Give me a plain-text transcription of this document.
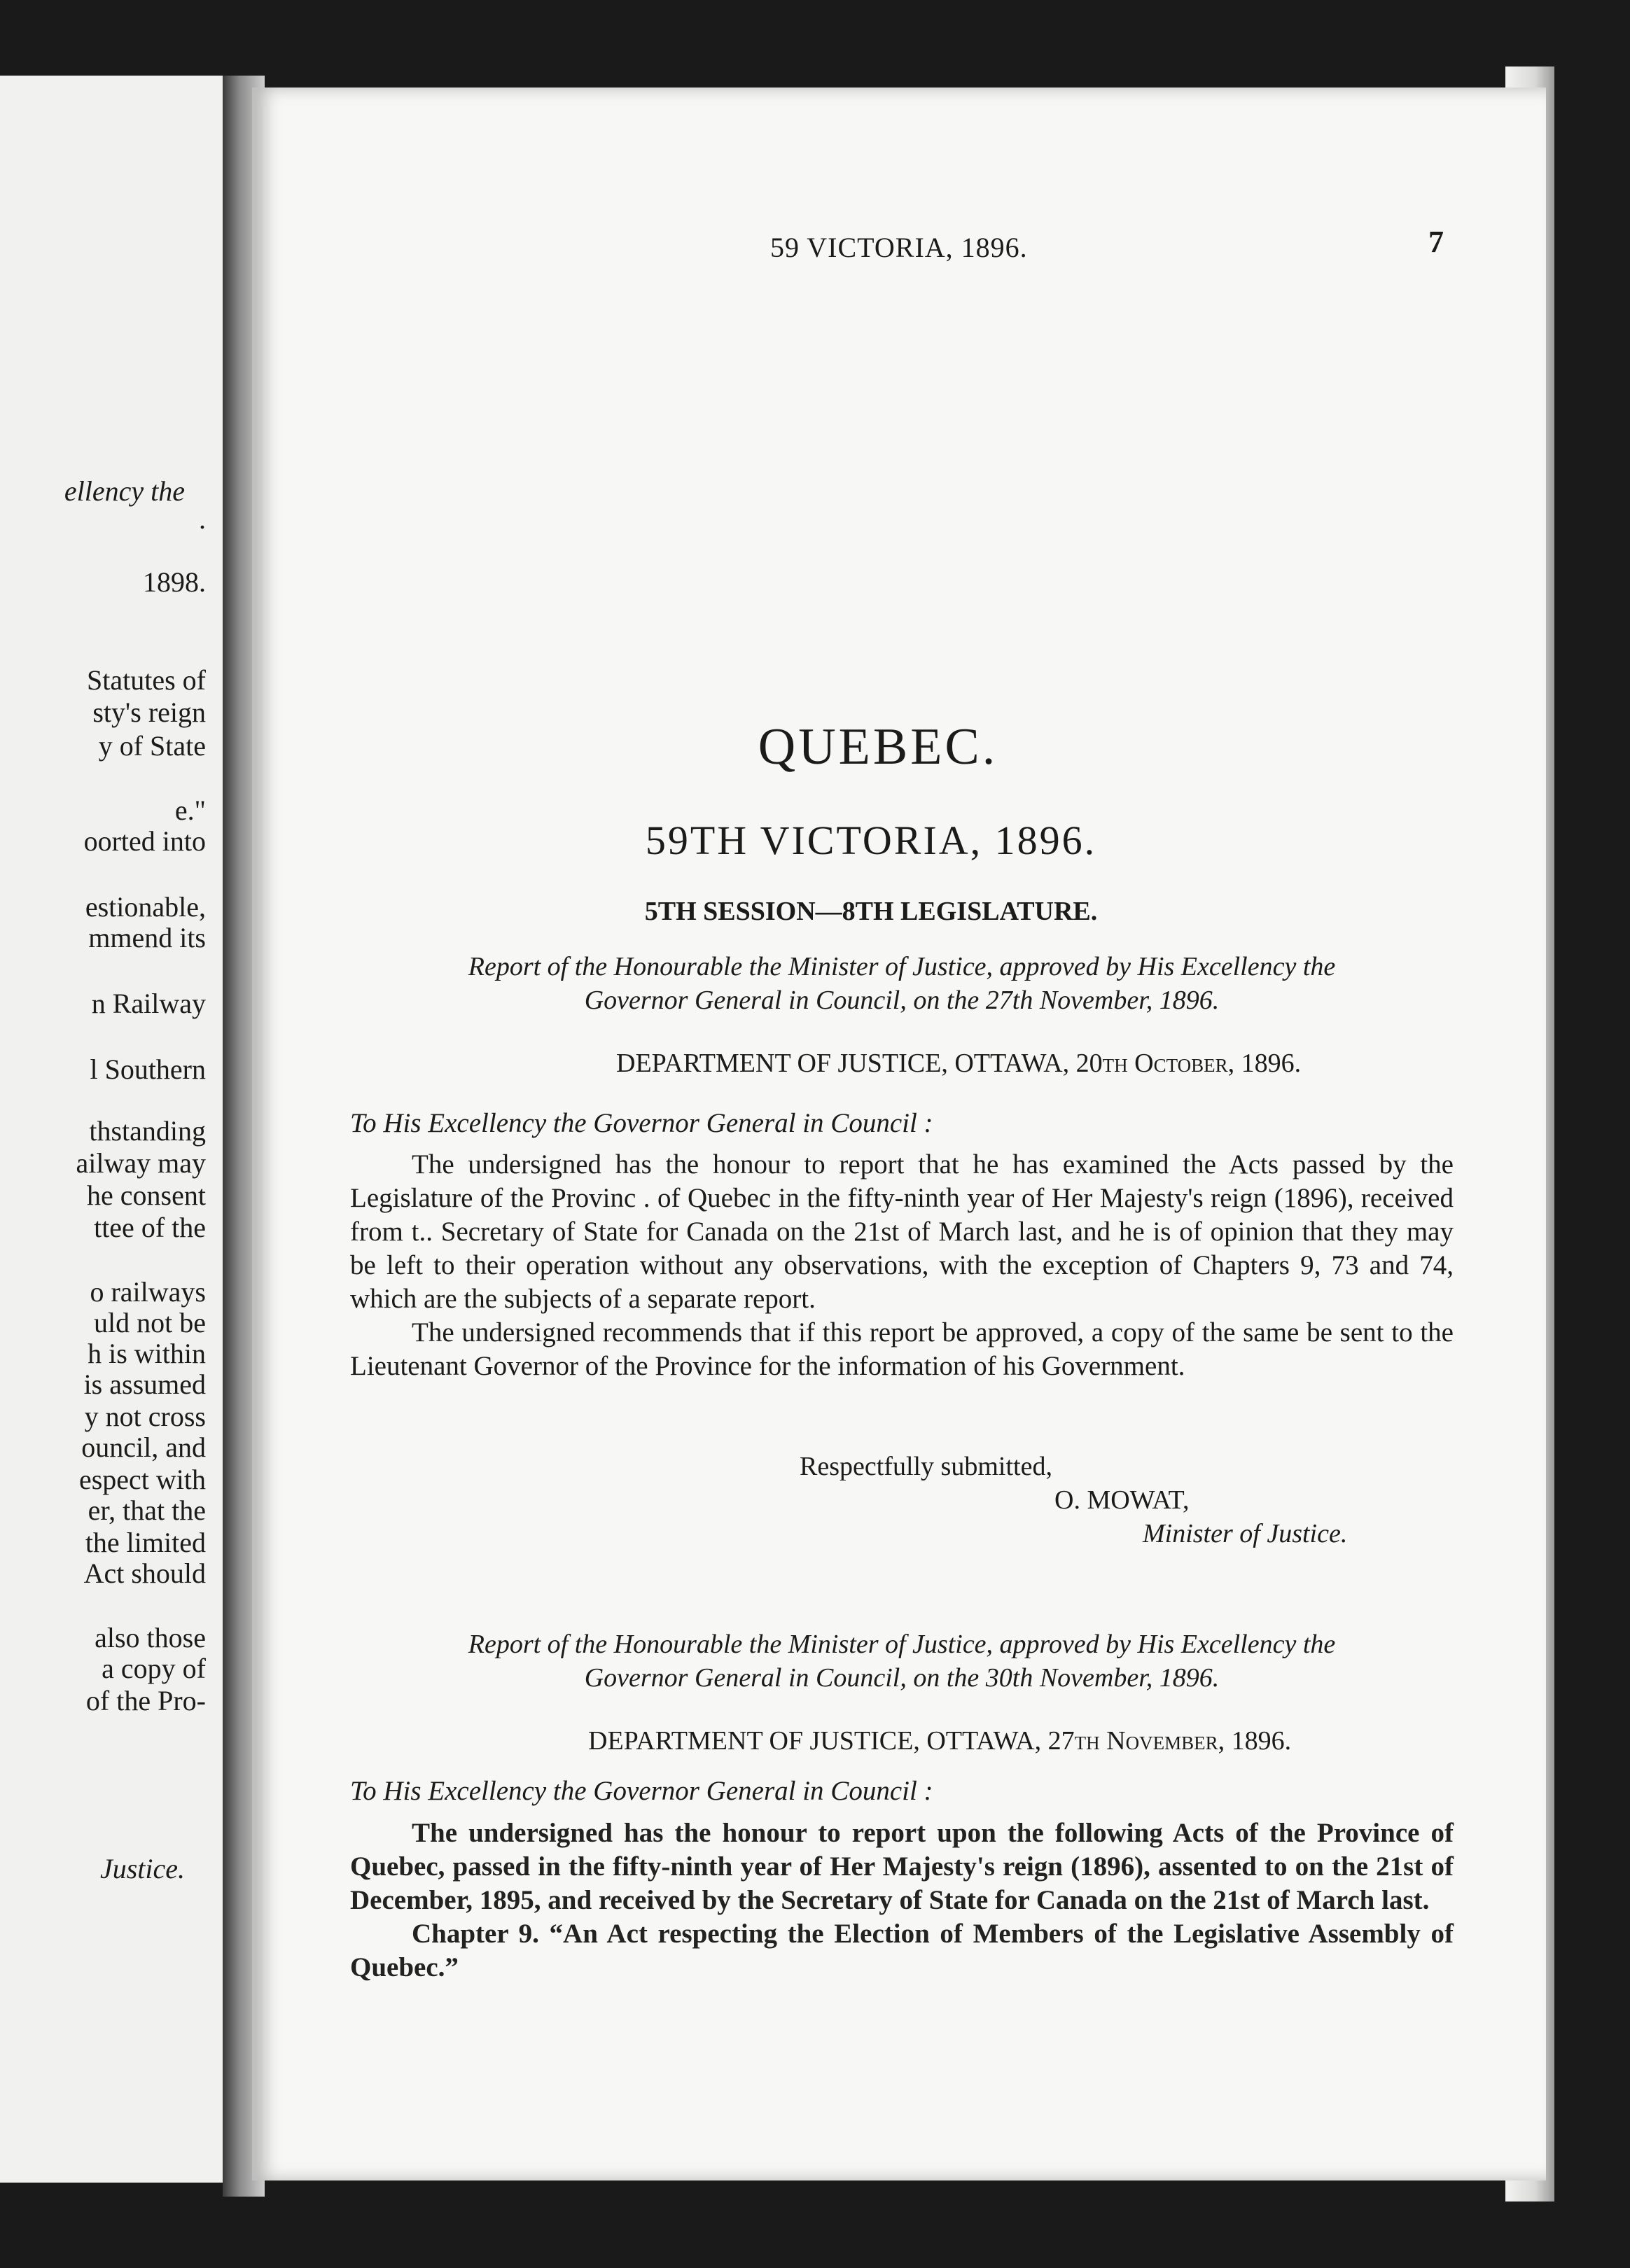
ellency the
.
1898.
Statutes of
sty's reign
y of State
e."
oorted into
estionable,
mmend its
n Railway
l Southern
thstanding
ailway may
he consent
ttee of the
o railways
uld not be
h is within
is assumed
y not cross
ouncil, and
espect with
er, that the
the limited
Act should
also those
a copy of
of the Pro-
Justice.
59 VICTORIA, 1896.	7
QUEBEC.
59TH VICTORIA, 1896.
5TH SESSION—8TH LEGISLATURE.
Report of the Honourable the Minister of Justice, approved by His Excellency the
Governor General in Council, on the 27th November, 1896.
DEPARTMENT OF JUSTICE, OTTAWA, 20th October, 1896.
To His Excellency the Governor General in Council :

The undersigned has the honour to report that he has examined the Acts passed by the Legislature of the Provinc . of Quebec in the fifty-ninth year of Her Majesty's reign (1896), received from t.. Secretary of State for Canada on the 21st of March last, and he is of opinion that they may be left to their operation without any observations, with the exception of Chapters 9, 73 and 74, which are the subjects of a separate report.

The undersigned recommends that if this report be approved, a copy of the same be sent to the Lieutenant Governor of the Province for the information of his Government.

Respectfully submitted,
O. MOWAT,
Minister of Justice.
Report of the Honourable the Minister of Justice, approved by His Excellency the
Governor General in Council, on the 30th November, 1896.
DEPARTMENT OF JUSTICE, OTTAWA, 27th November, 1896.
To His Excellency the Governor General in Council :

The undersigned has the honour to report upon the following Acts of the Province of Quebec, passed in the fifty-ninth year of Her Majesty's reign (1896), assented to on the 21st of December, 1895, and received by the Secretary of State for Canada on the 21st of March last.

Chapter 9. “An Act respecting the Election of Members of the Legislative Assembly of Quebec.”
